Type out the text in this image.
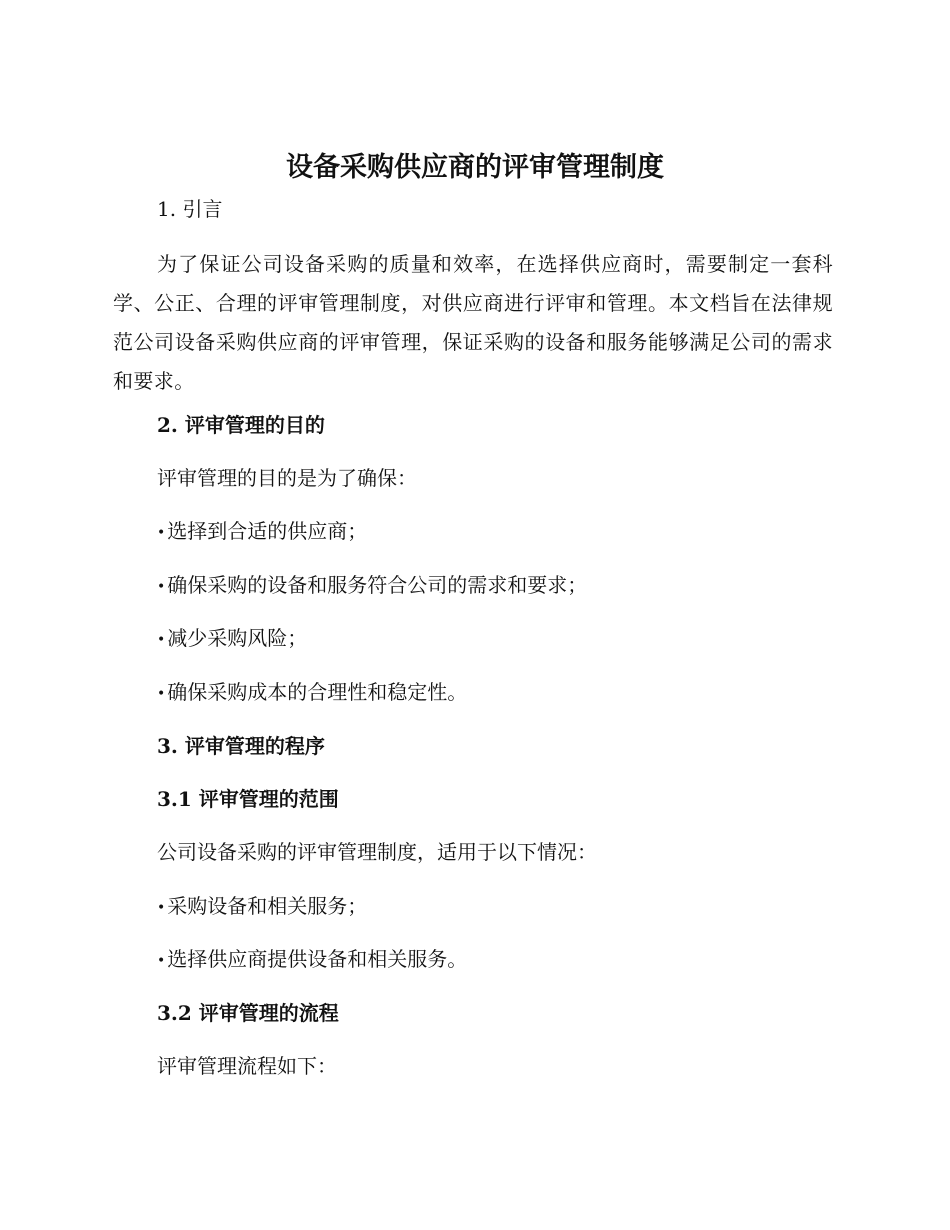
设备采购供应商的评审管理制度
1. 引言
为了保证公司设备采购的质量和效率，在选择供应商时，需要制定一套科学、公正、合理的评审管理制度，对供应商进行评审和管理。本文档旨在法律规范公司设备采购供应商的评审管理，保证采购的设备和服务能够满足公司的需求和要求。
2. 评审管理的目的
评审管理的目的是为了确保：
• 选择到合适的供应商；
• 确保采购的设备和服务符合公司的需求和要求；
• 减少采购风险；
• 确保采购成本的合理性和稳定性。
3. 评审管理的程序
3.1 评审管理的范围
公司设备采购的评审管理制度，适用于以下情况：
• 采购设备和相关服务；
• 选择供应商提供设备和相关服务。
3.2 评审管理的流程
评审管理流程如下：
